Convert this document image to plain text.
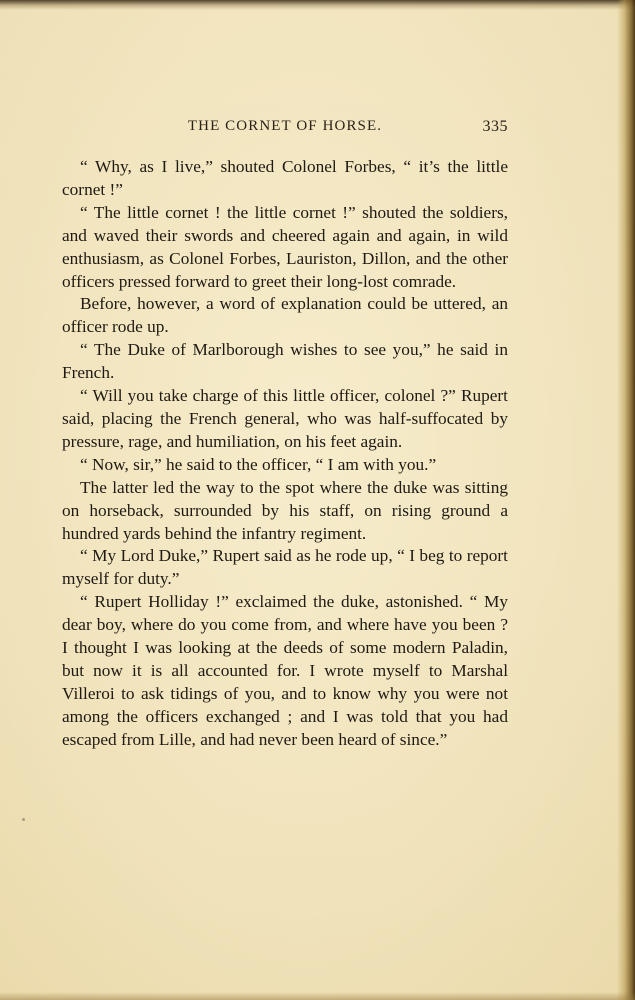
THE CORNET OF HORSE.	335

“ Why, as I live,” shouted Colonel Forbes, “ it’s the little cornet !”

“ The little cornet ! the little cornet !” shouted the soldiers, and waved their swords and cheered again and again, in wild enthusiasm, as Colonel Forbes, Lauriston, Dillon, and the other officers pressed forward to greet their long-lost comrade.

Before, however, a word of explanation could be uttered, an officer rode up.

“ The Duke of Marlborough wishes to see you,” he said in French.

“ Will you take charge of this little officer, colonel ?” Rupert said, placing the French general, who was half-suffocated by pressure, rage, and humiliation, on his feet again.

“ Now, sir,” he said to the officer, “ I am with you.”

The latter led the way to the spot where the duke was sitting on horseback, surrounded by his staff, on rising ground a hundred yards behind the infantry regiment.

“ My Lord Duke,” Rupert said as he rode up, “ I beg to report myself for duty.”

“ Rupert Holliday !” exclaimed the duke, astonished. “ My dear boy, where do you come from, and where have you been ? I thought I was looking at the deeds of some modern Paladin, but now it is all accounted for. I wrote myself to Marshal Villeroi to ask tidings of you, and to know why you were not among the officers exchanged ; and I was told that you had escaped from Lille, and had never been heard of since.”
